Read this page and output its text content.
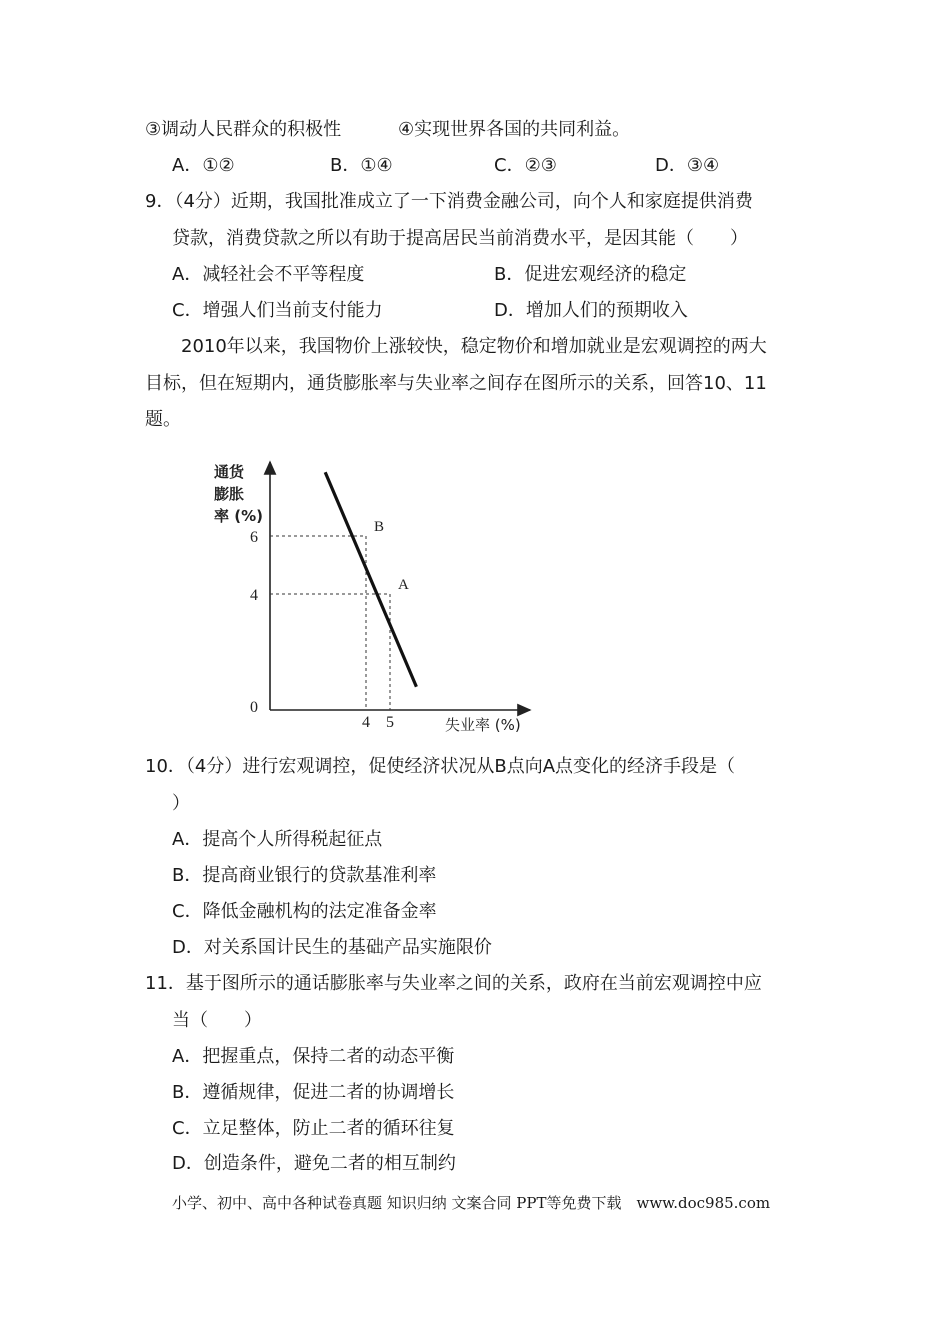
③调动人民群众的积极性	④实现世界各国的共同利益。
A．①②	B．①④	C．②③	D．③④
9．（4分）近期，我国批准成立了一下消费金融公司，向个人和家庭提供消费
贷款，消费贷款之所以有助于提高居民当前消费水平，是因其能（　　）
A．减轻社会不平等程度	B．促进宏观经济的稳定
C．增强人们当前支付能力	D．增加人们的预期收入
2010年以来，我国物价上涨较快，稳定物价和增加就业是宏观调控的两大
目标，但在短期内，通货膨胀率与失业率之间存在图所示的关系，回答10、11
题。
通货
膨胀
率 (%)
失业率 (%)
0
6
4
4 5
B
A
10．（4分）进行宏观调控，促使经济状况从B点向A点变化的经济手段是（
）
A．提高个人所得税起征点
B．提高商业银行的贷款基准利率
C．降低金融机构的法定准备金率
D．对关系国计民生的基础产品实施限价
11．基于图所示的通话膨胀率与失业率之间的关系，政府在当前宏观调控中应
当（　　）
A．把握重点，保持二者的动态平衡
B．遵循规律，促进二者的协调增长
C．立足整体，防止二者的循环往复
D．创造条件，避免二者的相互制约
小学、初中、高中各种试卷真题 知识归纳 文案合同 PPT等免费下载　www.doc985.com
